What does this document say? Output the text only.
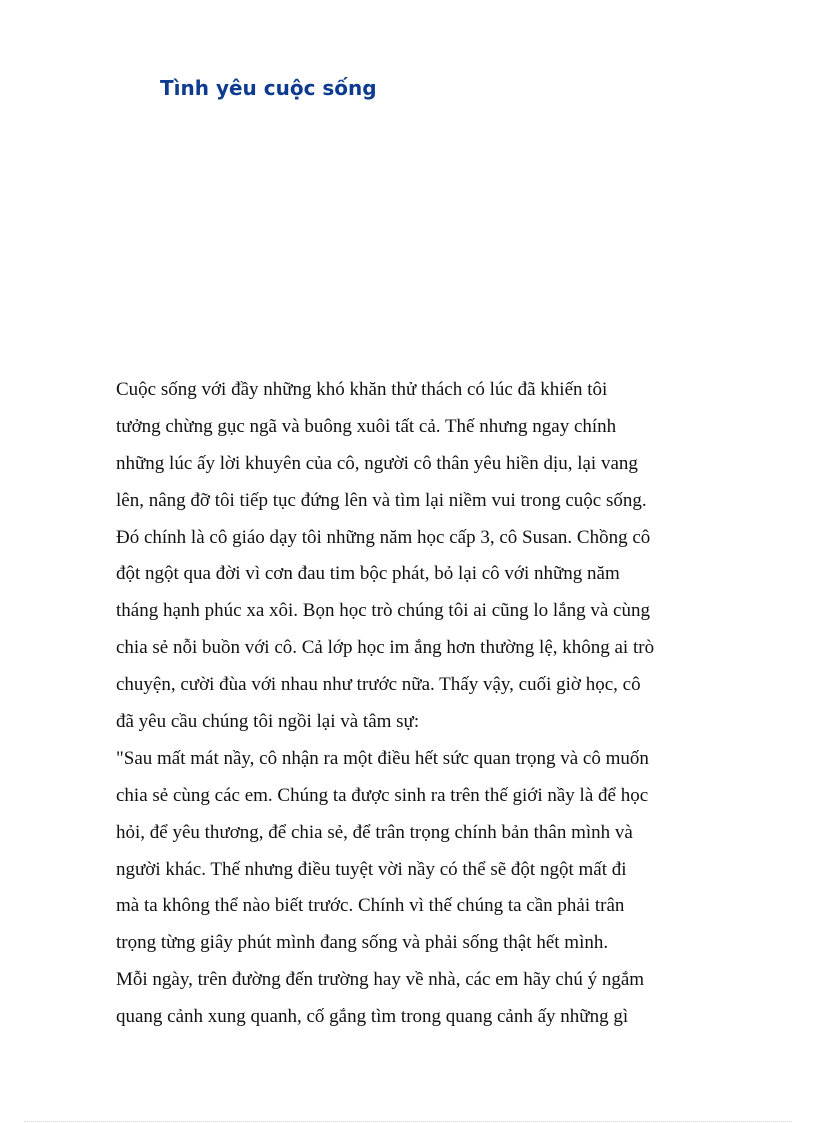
Tình yêu cuộc sống
Cuộc sống với đầy những khó khăn thử thách có lúc đã khiến tôi
tưởng chừng gục ngã và buông xuôi tất cả. Thế nhưng ngay chính
những lúc ấy lời khuyên của cô, người cô thân yêu hiền dịu, lại vang
lên, nâng đỡ tôi tiếp tục đứng lên và tìm lại niềm vui trong cuộc sống.
Đó chính là cô giáo dạy tôi những năm học cấp 3, cô Susan. Chồng cô
đột ngột qua đời vì cơn đau tim bộc phát, bỏ lại cô với những năm
tháng hạnh phúc xa xôi. Bọn học trò chúng tôi ai cũng lo lắng và cùng
chia sẻ nỗi buồn với cô. Cả lớp học im ắng hơn thường lệ, không ai trò
chuyện, cười đùa với nhau như trước nữa. Thấy vậy, cuối giờ học, cô
đã yêu cầu chúng tôi ngồi lại và tâm sự:
"Sau mất mát nầy, cô nhận ra một điều hết sức quan trọng và cô muốn
chia sẻ cùng các em. Chúng ta được sinh ra trên thế giới nầy là để học
hỏi, để yêu thương, để chia sẻ, để trân trọng chính bản thân mình và
người khác. Thế nhưng điều tuyệt vời nầy có thể sẽ đột ngột mất đi
mà ta không thể nào biết trước. Chính vì thế chúng ta cần phải trân
trọng từng giây phút mình đang sống và phải sống thật hết mình.
Mỗi ngày, trên đường đến trường hay về nhà, các em hãy chú ý ngắm
quang cảnh xung quanh, cố gắng tìm trong quang cảnh ấy những gì
